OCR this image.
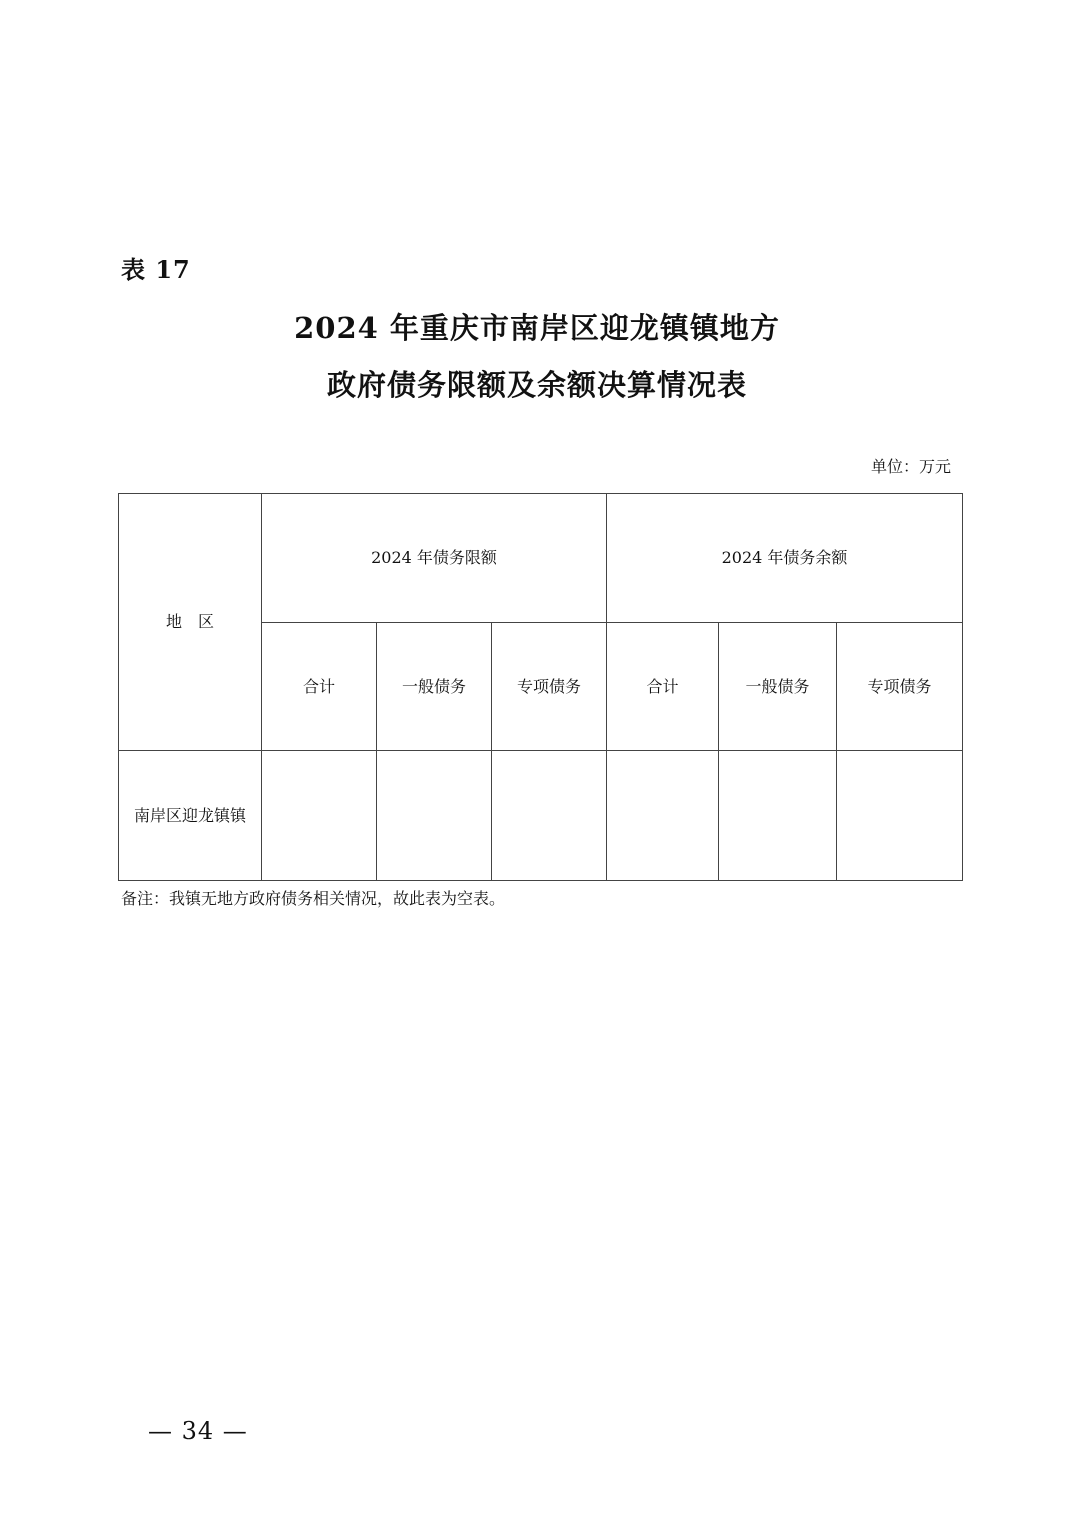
表 17
2024 年重庆市南岸区迎龙镇镇地方
政府债务限额及余额决算情况表
单位：万元
地　区	2024 年债务限额			2024 年债务余额		
	合计	一般债务	专项债务	合计	一般债务	专项债务
南岸区迎龙镇镇						
备注：我镇无地方政府债务相关情况，故此表为空表。
— 34 —
